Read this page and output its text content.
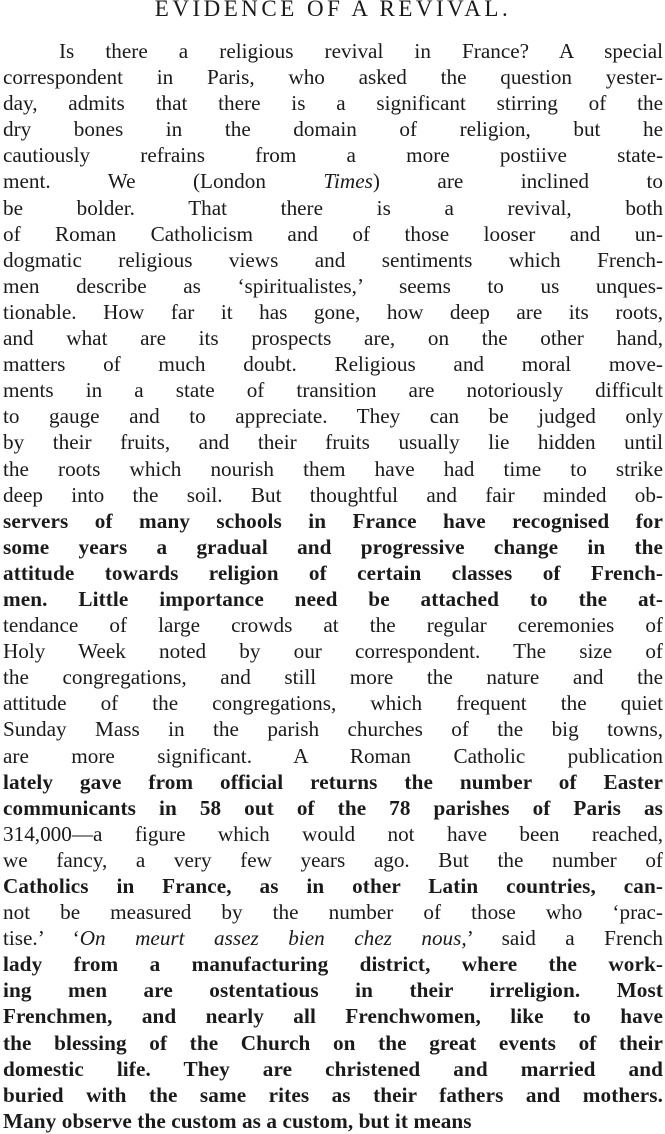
EVIDENCE OF A REVIVAL.
Is there a religious revival in France? A special
correspondent in Paris, who asked the question yester-
day, admits that there is a significant stirring of the
dry bones in the domain of religion, but he
cautiously refrains from a more postiive state-
ment. We (London Times) are inclined to
be bolder. That there is a revival, both
of Roman Catholicism and of those looser and un-
dogmatic religious views and sentiments which French-
men describe as ‘spiritualistes,’ seems to us unques-
tionable. How far it has gone, how deep are its roots,
and what are its prospects are, on the other hand,
matters of much doubt. Religious and moral move-
ments in a state of transition are notoriously difficult
to gauge and to appreciate. They can be judged only
by their fruits, and their fruits usually lie hidden until
the roots which nourish them have had time to strike
deep into the soil. But thoughtful and fair minded ob-
servers of many schools in France have recognised for
some years a gradual and progressive change in the
attitude towards religion of certain classes of French-
men. Little importance need be attached to the at-
tendance of large crowds at the regular ceremonies of
Holy Week noted by our correspondent. The size of
the congregations, and still more the nature and the
attitude of the congregations, which frequent the quiet
Sunday Mass in the parish churches of the big towns,
are more significant. A Roman Catholic publication
lately gave from official returns the number of Easter
communicants in 58 out of the 78 parishes of Paris as
314,000—a figure which would not have been reached,
we fancy, a very few years ago. But the number of
Catholics in France, as in other Latin countries, can-
not be measured by the number of those who ‘prac-
tise.’ ‘On meurt assez bien chez nous,’ said a French
lady from a manufacturing district, where the work-
ing men are ostentatious in their irreligion. Most
Frenchmen, and nearly all Frenchwomen, like to have
the blessing of the Church on the great events of their
domestic life. They are christened and married and
buried with the same rites as their fathers and mothers.
Many observe the custom as a custom, but it means
